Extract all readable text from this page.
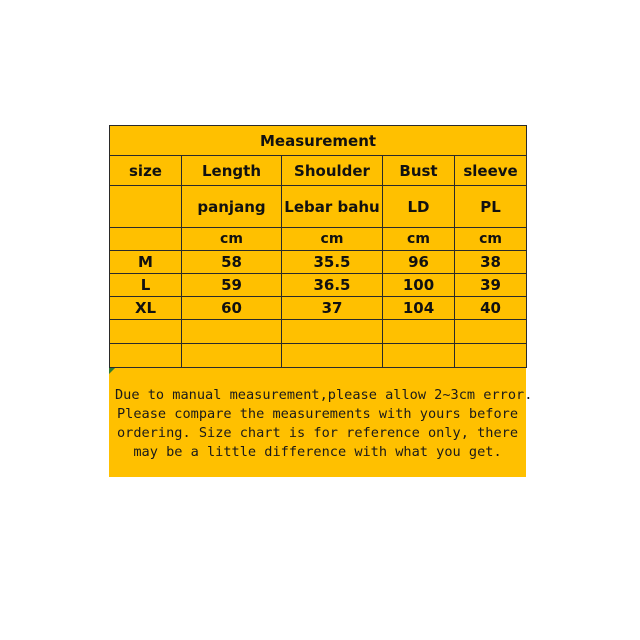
Measurement				
size	Length	Shoulder	Bust	sleeve
	panjang	Lebar bahu	LD	PL
	cm	cm	cm	cm
M	58	35.5	96	38
L	59	36.5	100	39
XL	60	37	104	40

Due to manual measurement,please allow 2~3cm error.
Please compare the measurements with yours before
ordering. Size chart is for reference only, there
may be a little difference with what you get.
